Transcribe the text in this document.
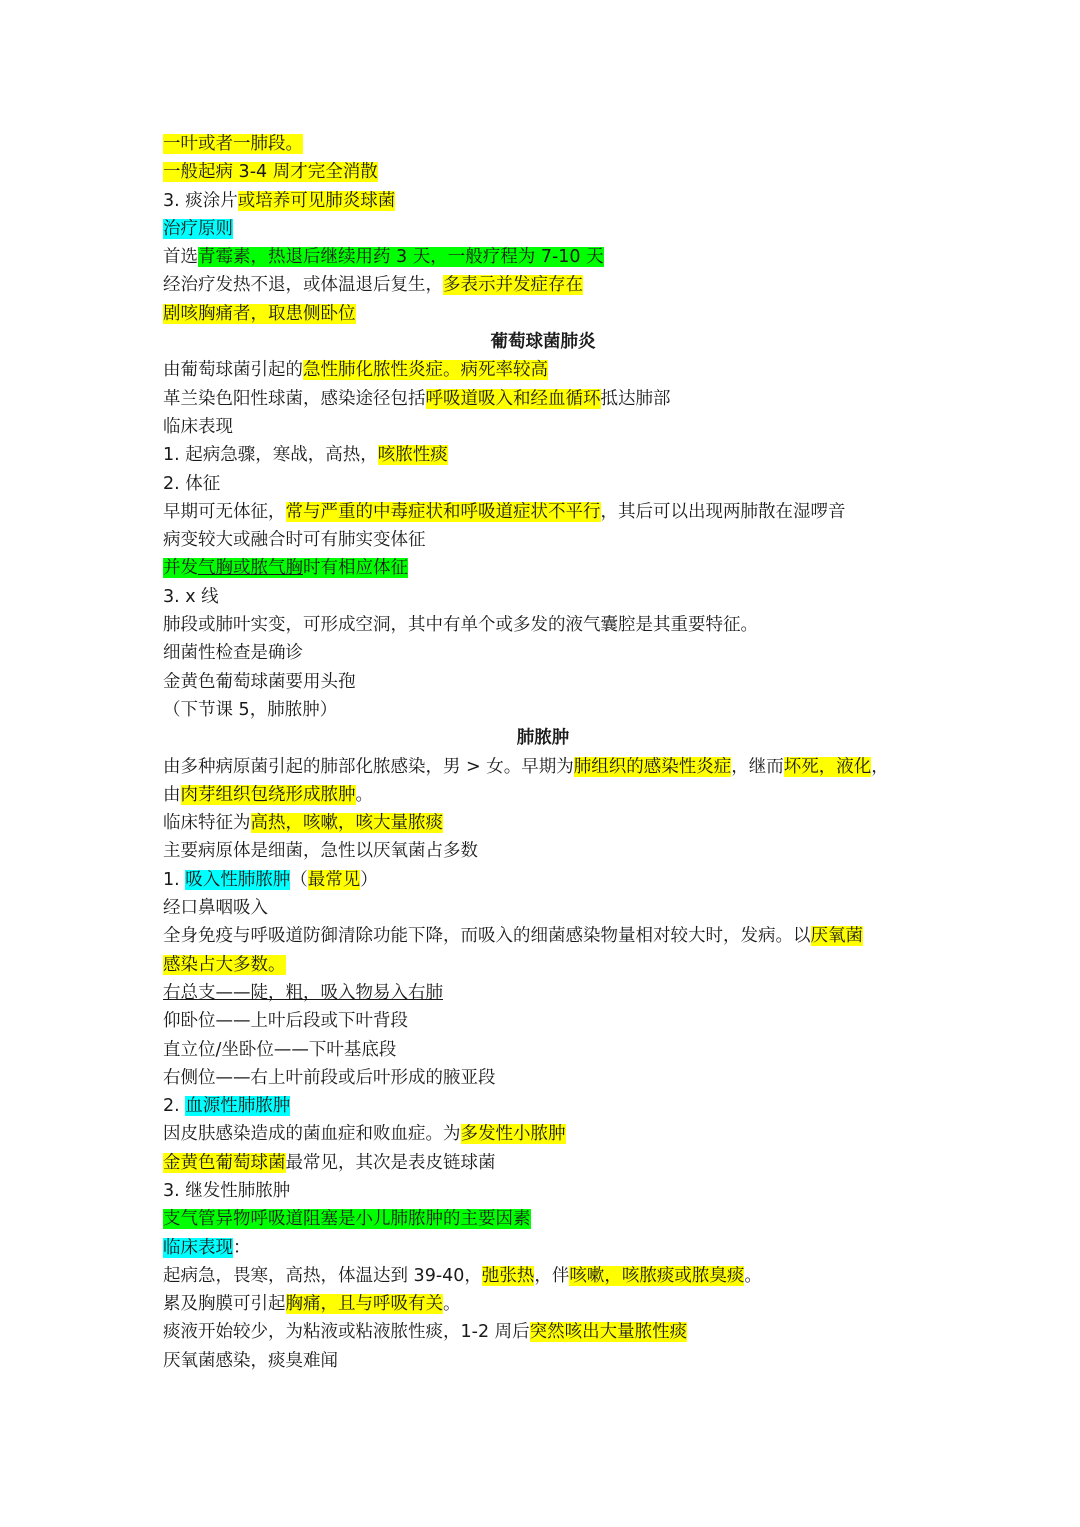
一叶或者一肺段。
一般起病 3-4 周才完全消散
3. 痰涂片或培养可见肺炎球菌
治疗原则
首选青霉素，热退后继续用药 3 天，一般疗程为 7-10 天
经治疗发热不退，或体温退后复生，多表示并发症存在
剧咳胸痛者，取患侧卧位
葡萄球菌肺炎
由葡萄球菌引起的急性肺化脓性炎症。病死率较高
革兰染色阳性球菌，感染途径包括呼吸道吸入和经血循环抵达肺部
临床表现
1. 起病急骤，寒战，高热，咳脓性痰
2. 体征
早期可无体征，常与严重的中毒症状和呼吸道症状不平行，其后可以出现两肺散在湿啰音
病变较大或融合时可有肺实变体征
并发气胸或脓气胸时有相应体征
3. x 线
肺段或肺叶实变，可形成空洞，其中有单个或多发的液气囊腔是其重要特征。
细菌性检查是确诊
金黄色葡萄球菌要用头孢
（下节课 5，肺脓肿）
肺脓肿
由多种病原菌引起的肺部化脓感染，男 > 女。早期为肺组织的感染性炎症，继而坏死，液化，
由肉芽组织包绕形成脓肿。
临床特征为高热，咳嗽，咳大量脓痰
主要病原体是细菌，急性以厌氧菌占多数
1. 吸入性肺脓肿（最常见）
经口鼻咽吸入
全身免疫与呼吸道防御清除功能下降，而吸入的细菌感染物量相对较大时，发病。以厌氧菌
感染占大多数。
右总支——陡，粗，吸入物易入右肺
仰卧位——上叶后段或下叶背段
直立位/坐卧位——下叶基底段
右侧位——右上叶前段或后叶形成的腋亚段
2. 血源性肺脓肿
因皮肤感染造成的菌血症和败血症。为多发性小脓肿
金黄色葡萄球菌最常见，其次是表皮链球菌
3. 继发性肺脓肿
支气管异物呼吸道阻塞是小儿肺脓肿的主要因素
临床表现：
起病急，畏寒，高热，体温达到 39-40，弛张热，伴咳嗽，咳脓痰或脓臭痰。
累及胸膜可引起胸痛，且与呼吸有关。
痰液开始较少，为粘液或粘液脓性痰，1-2 周后突然咳出大量脓性痰
厌氧菌感染，痰臭难闻
